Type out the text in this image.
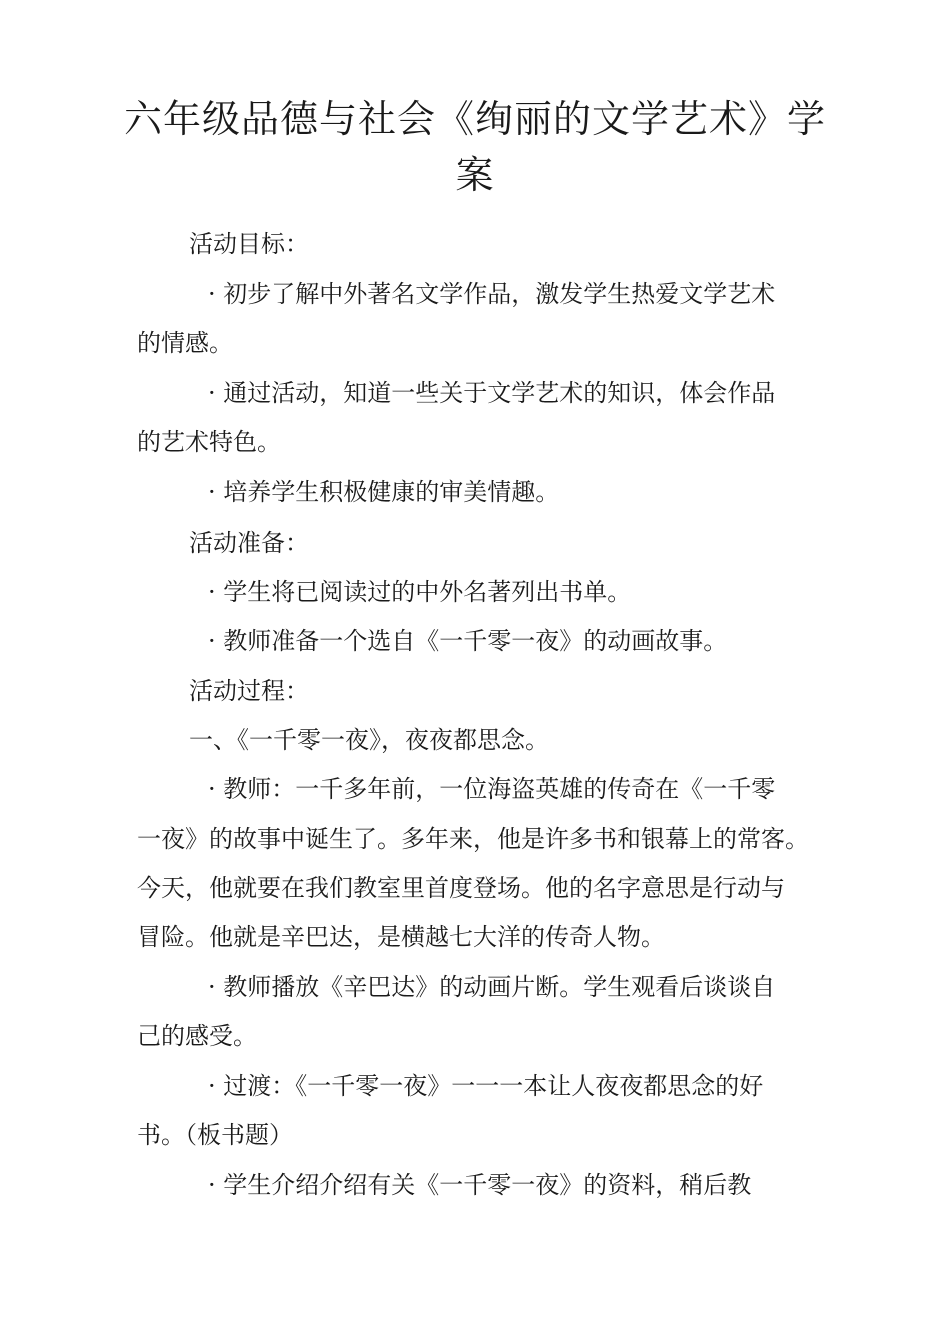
六年级品德与社会《绚丽的文学艺术》学
案

活动目标：

· 初步了解中外著名文学作品，激发学生热爱文学艺术

的情感。

· 通过活动，知道一些关于文学艺术的知识，体会作品

的艺术特色。

· 培养学生积极健康的审美情趣。

活动准备：

· 学生将已阅读过的中外名著列出书单。

· 教师准备一个选自《一千零一夜》的动画故事。

活动过程：

一、《一千零一夜》，夜夜都思念。

· 教师：一千多年前，一位海盗英雄的传奇在《一千零

一夜》的故事中诞生了。多年来，他是许多书和银幕上的常客。

今天，他就要在我们教室里首度登场。他的名字意思是行动与

冒险。他就是辛巴达，是横越七大洋的传奇人物。

· 教师播放《辛巴达》的动画片断。学生观看后谈谈自

己的感受。

· 过渡：《一千零一夜》一一一本让人夜夜都思念的好

书。（板书题）

· 学生介绍介绍有关《一千零一夜》的资料，稍后教
